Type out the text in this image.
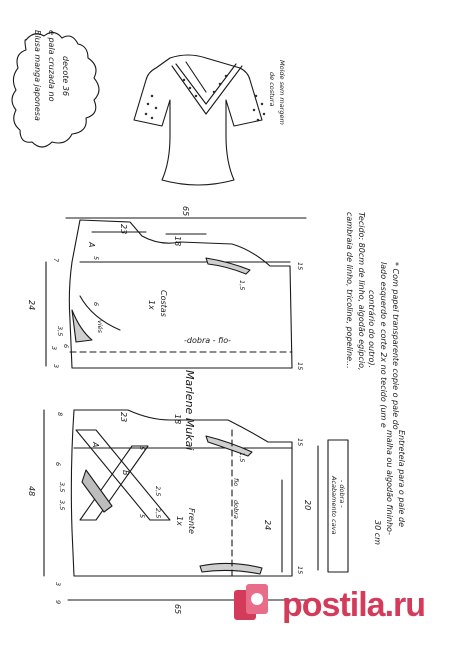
Blusa manga japonesa e pala cruzada no decote 36	Molde sem margem
de costura
65
23
18
24	Costas
1x
-dobra - fio-
A
5
7
3
15
15
1,5
3,5
6
3 6
viés
Marlene Mukai
48
23	18
24
65
8
6
2,5
2,5
5
5
3,5
3,5
15
1,5
15
3
9
A
B
Frente
1x
fio
dobra
Tecido: 80cm de linho, algodão egípcio,
cambraia de linho, tricoline, popeline...	* Com papel transparente copie o pale do
lado esquerdo e corte 2x no tecido (um e
contrário do outro).
20	- dobra -
Acabamento cava	Entretela para o pale de
malha ou algodão fininho-
30 cm
postila.ru
